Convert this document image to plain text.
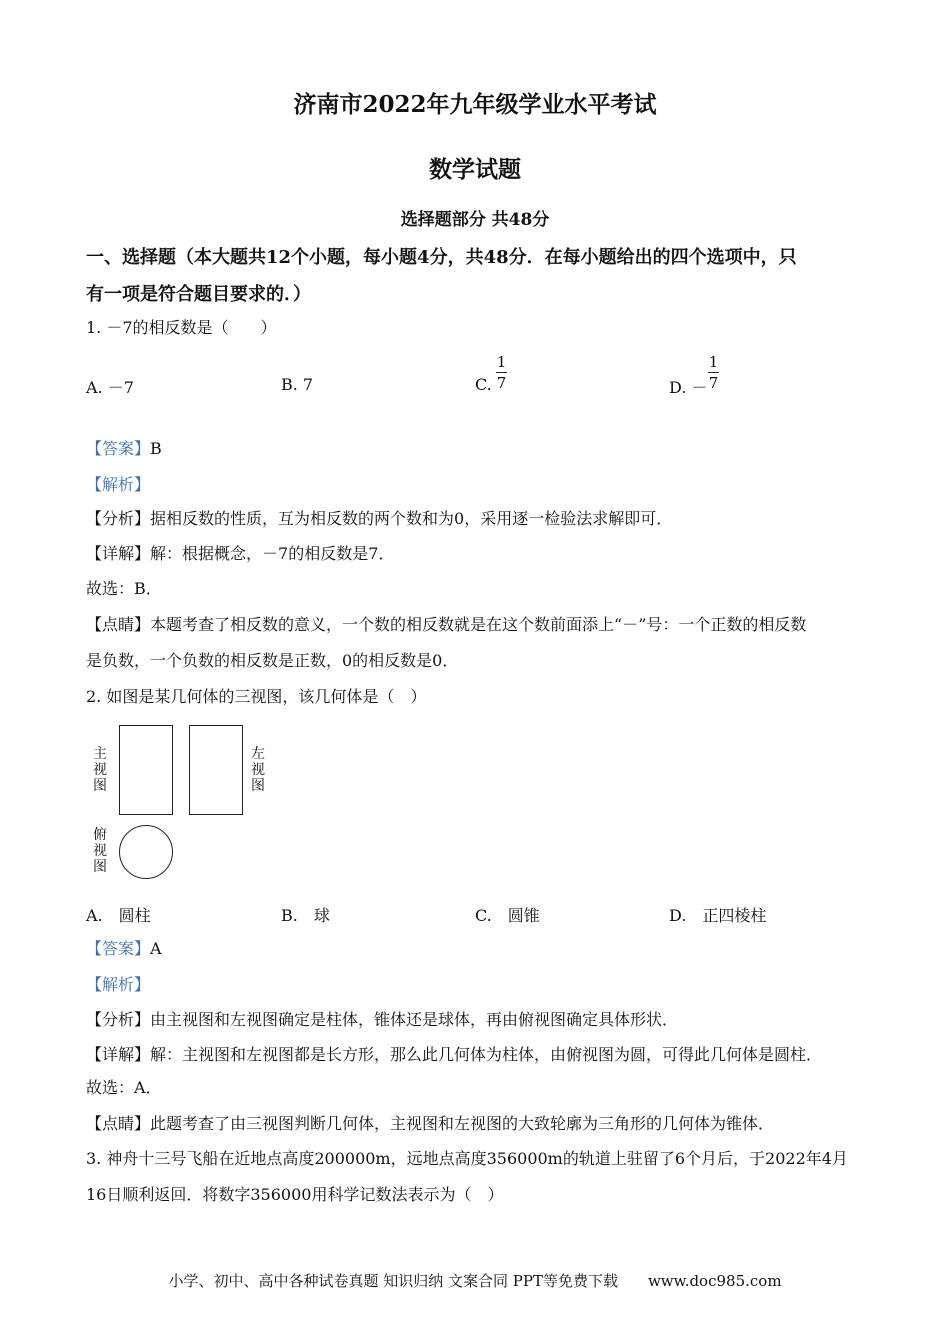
济南市2022年九年级学业水平考试
数学试题
选择题部分 共48分
一、选择题（本大题共12个小题，每小题4分，共48分．在每小题给出的四个选项中，只
有一项是符合题目要求的．）
1. －7的相反数是（　　）
A. －7	B. 7	C.
1
7	D. －
1
7
【答案】B
【解析】
【分析】据相反数的性质，互为相反数的两个数和为0，采用逐一检验法求解即可．
【详解】解：根据概念，－7的相反数是7．
故选：B．
【点睛】本题考查了相反数的意义，一个数的相反数就是在这个数前面添上“－”号：一个正数的相反数
是负数，一个负数的相反数是正数，0的相反数是0．
2. 如图是某几何体的三视图，该几何体是（　）
主视图
左视图
俯视图
A.　圆柱	B.　球	C.　圆锥	D.　正四棱柱
【答案】A
【解析】
【分析】由主视图和左视图确定是柱体，锥体还是球体，再由俯视图确定具体形状．
【详解】解：主视图和左视图都是长方形，那么此几何体为柱体，由俯视图为圆，可得此几何体是圆柱．
故选：A．
【点睛】此题考查了由三视图判断几何体，主视图和左视图的大致轮廓为三角形的几何体为锥体．
3. 神舟十三号飞船在近地点高度200000m，远地点高度356000m的轨道上驻留了6个月后，于2022年4月
16日顺利返回．将数字356000用科学记数法表示为（　）
小学、初中、高中各种试卷真题 知识归纳 文案合同 PPT等免费下载　　www.doc985.com
